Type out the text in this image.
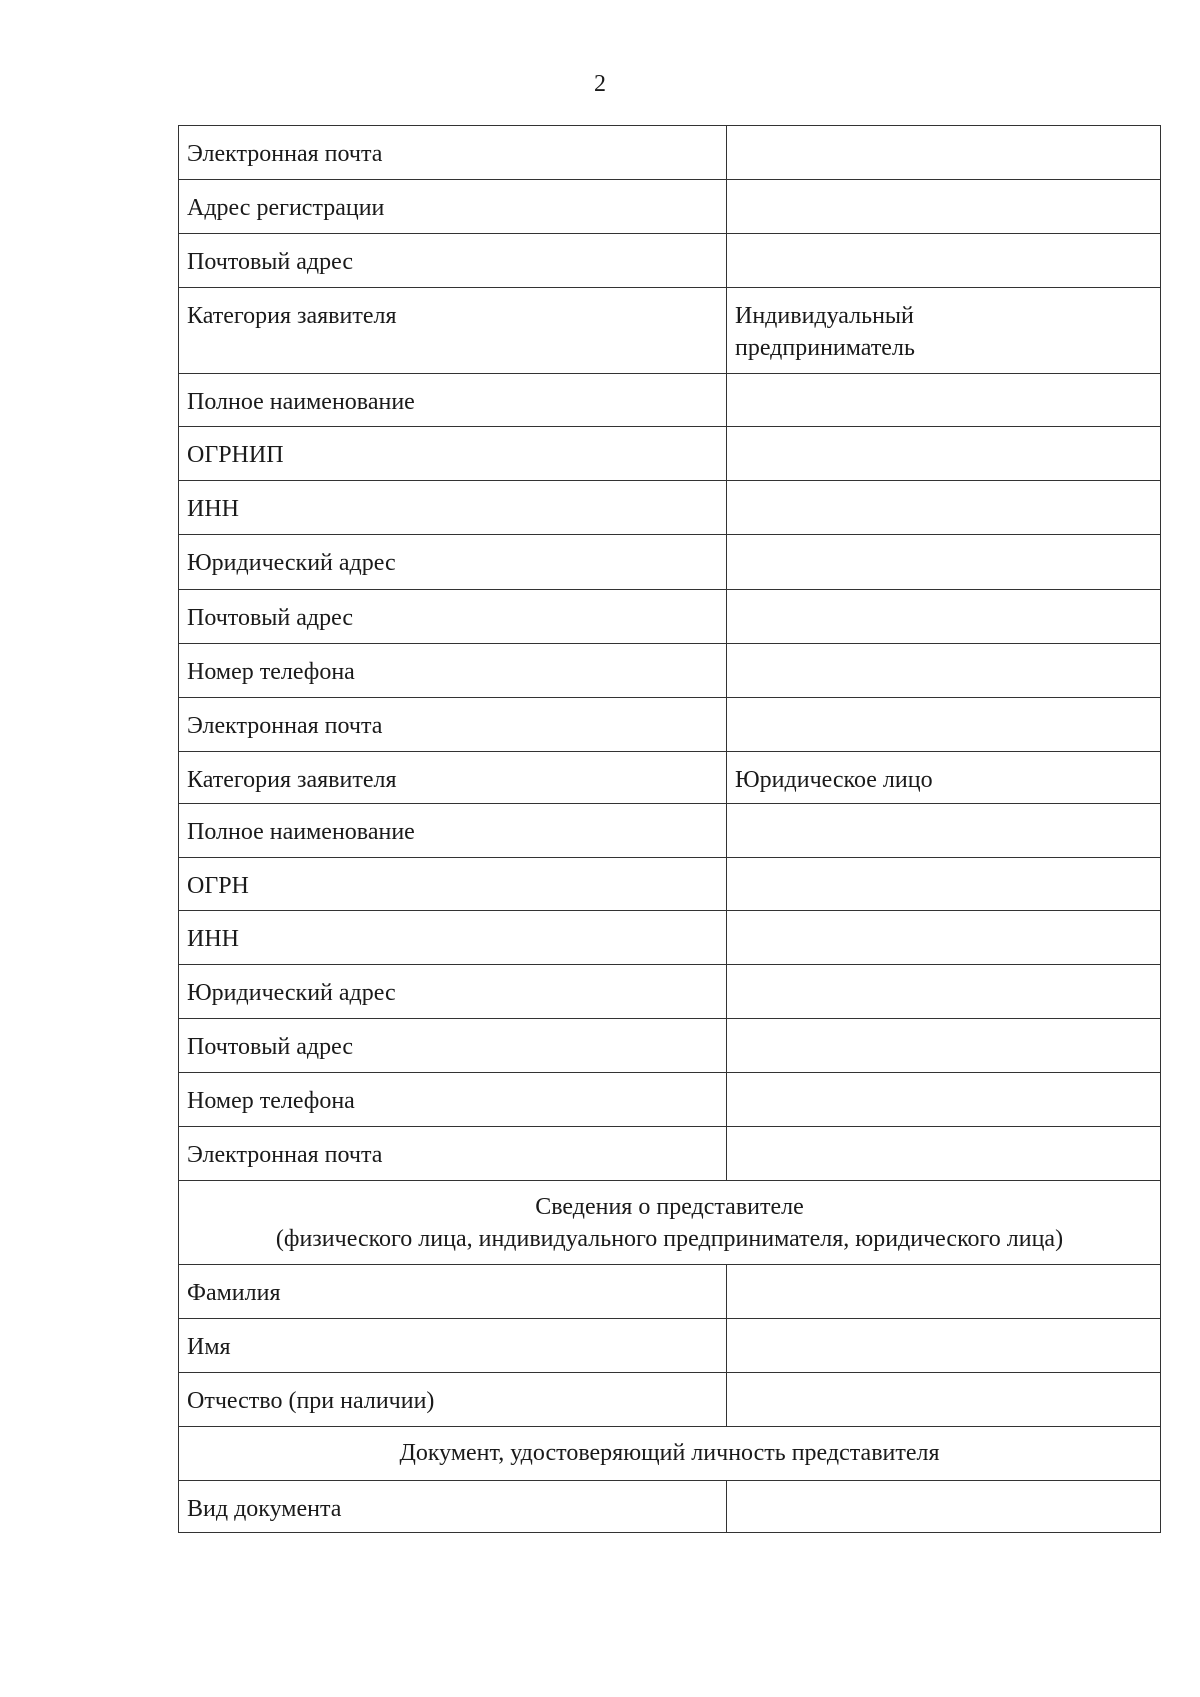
2
Электронная почта	
Адрес регистрации	
Почтовый адрес	
Категория заявителя	Индивидуальный
предприниматель

Полное наименование	
ОГРНИП	
ИНН	
Юридический адрес	
Почтовый адрес	
Номер телефона	
Электронная почта	
Категория заявителя	Юридическое лицо
Полное наименование	
ОГРН	
ИНН	
Юридический адрес	
Почтовый адрес	
Номер телефона	
Электронная почта	

Сведения о представителе
(физического лица, индивидуального предпринимателя, юридического лица)	

Фамилия	
Имя	
Отчество (при наличии)	

Документ, удостоверяющий личность представителя	

Вид документа	
